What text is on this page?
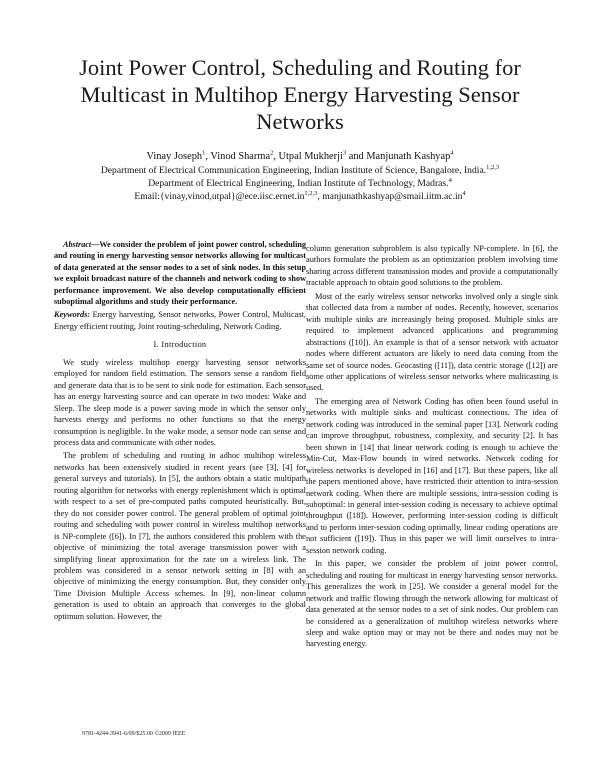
Joint Power Control, Scheduling and Routing for Multicast in Multihop Energy Harvesting Sensor Networks
Vinay Joseph$^1$, Vinod Sharma$^2$, Utpal Mukherji$^3$ and Manjunath Kashyap$^4$
Department of Electrical Communication Engineering, Indian Institute of Science, Bangalore, India.$^{1,2,3}$
Department of Electrical Engineering, Indian Institute of Technology, Madras.$^4$
Email:{vinay,vinod,utpal}@ece.iisc.ernet.in$^{1,2,3}$, $manjunathkashyap@smail.iitm.ac.in^4$

Abstract—We consider the problem of joint power control, scheduling and routing in energy harvesting sensor networks allowing for multicast of data generated at the sensor nodes to a set of sink nodes. In this setup we exploit broadcast nature of the channels and network coding to show performance improvement. We also develop computationally efficient suboptimal algorithms and study their performance.

Keywords: Energy harvesting, Sensor networks, Power Control, Multicast, Energy efficient routing, Joint routing-scheduling, Network Coding.

I. Introduction

We study wireless multihop energy harvesting sensor networks employed for random field estimation. The sensors sense a random field and generate data that is to be sent to sink node for estimation. Each sensor has an energy harvesting source and can operate in two modes: Wake and Sleep. The sleep mode is a power saving mode in which the sensor only harvests energy and performs no other functions so that the energy consumption is negligible. In the wake mode, a sensor node can sense and process data and communicate with other nodes.

The problem of scheduling and routing in adhoc multihop wireless networks has been extensively studied in recent years (see [3], [4] for general surveys and tutorials). In [5], the authors obtain a static multipath routing algorithm for networks with energy replenishment which is optimal with respect to a set of pre-computed paths computed heuristically. But, they do not consider power control. The general problem of optimal joint routing and scheduling with power control in wireless multihop networks is NP-complete ([6]). In [7], the authors considered this problem with the objective of minimizing the total average transmission power with a simplifying linear approximation for the rate on a wireless link. The problem was considered in a sensor network setting in [8] with an objective of minimizing the energy consumption. But, they consider only Time Division Multiple Access schemes. In [9], non-linear column generation is used to obtain an approach that converges to the global optimum solution. However, the

column generation subproblem is also typically NP-complete. In [6], the authors formulate the problem as an optimization problem involving time sharing across different transmission modes and provide a computationally tractable approach to obtain good solutions to the problem.

Most of the early wireless sensor networks involved only a single sink that collected data from a number of nodes. Recently, however, scenarios with multiple sinks are increasingly being proposed. Multiple sinks are required to implement advanced applications and programming abstractions ([10]). An example is that of a sensor network with actuator nodes where different actuators are likely to need data coming from the same set of source nodes. Geocasting ([11]), data centric storage ([12]) are some other applications of wireless sensor networks where multicasting is used.

The emerging area of Network Coding has often been found useful in networks with multiple sinks and multicast connections. The idea of network coding was introduced in the seminal paper [13]. Network coding can improve throughput, robustness, complexity, and security [2]. It has been shown in [14] that linear network coding is enough to achieve the Min-Cut, Max-Flow bounds in wired networks. Network coding for wireless networks is developed in [16] and [17]. But these papers, like all the papers mentioned above, have restricted their attention to intra-session network coding. When there are multiple sessions, intra-session coding is suboptimal: in general inter-session coding is necessary to achieve optimal throughput ([18]). However, performing inter-session coding is difficult and to perform inter-session coding optimally, linear coding operations are not sufficient ([19]). Thus in this paper we will limit ourselves to intra-session network coding.

In this paper, we consider the problem of joint power control, scheduling and routing for multicast in energy harvesting sensor networks. This generalizes the work in [25]. We consider a general model for the network and traffic flowing through the network allowing for multicast of data generated at the sensor nodes to a set of sink nodes. Our problem can be considered as a generalization of multihop wireless networks where sleep and wake option may or may not be there and nodes may not be harvesting energy.

9781-4244-3941-6/09/$25.00 ©2009 IEEE
